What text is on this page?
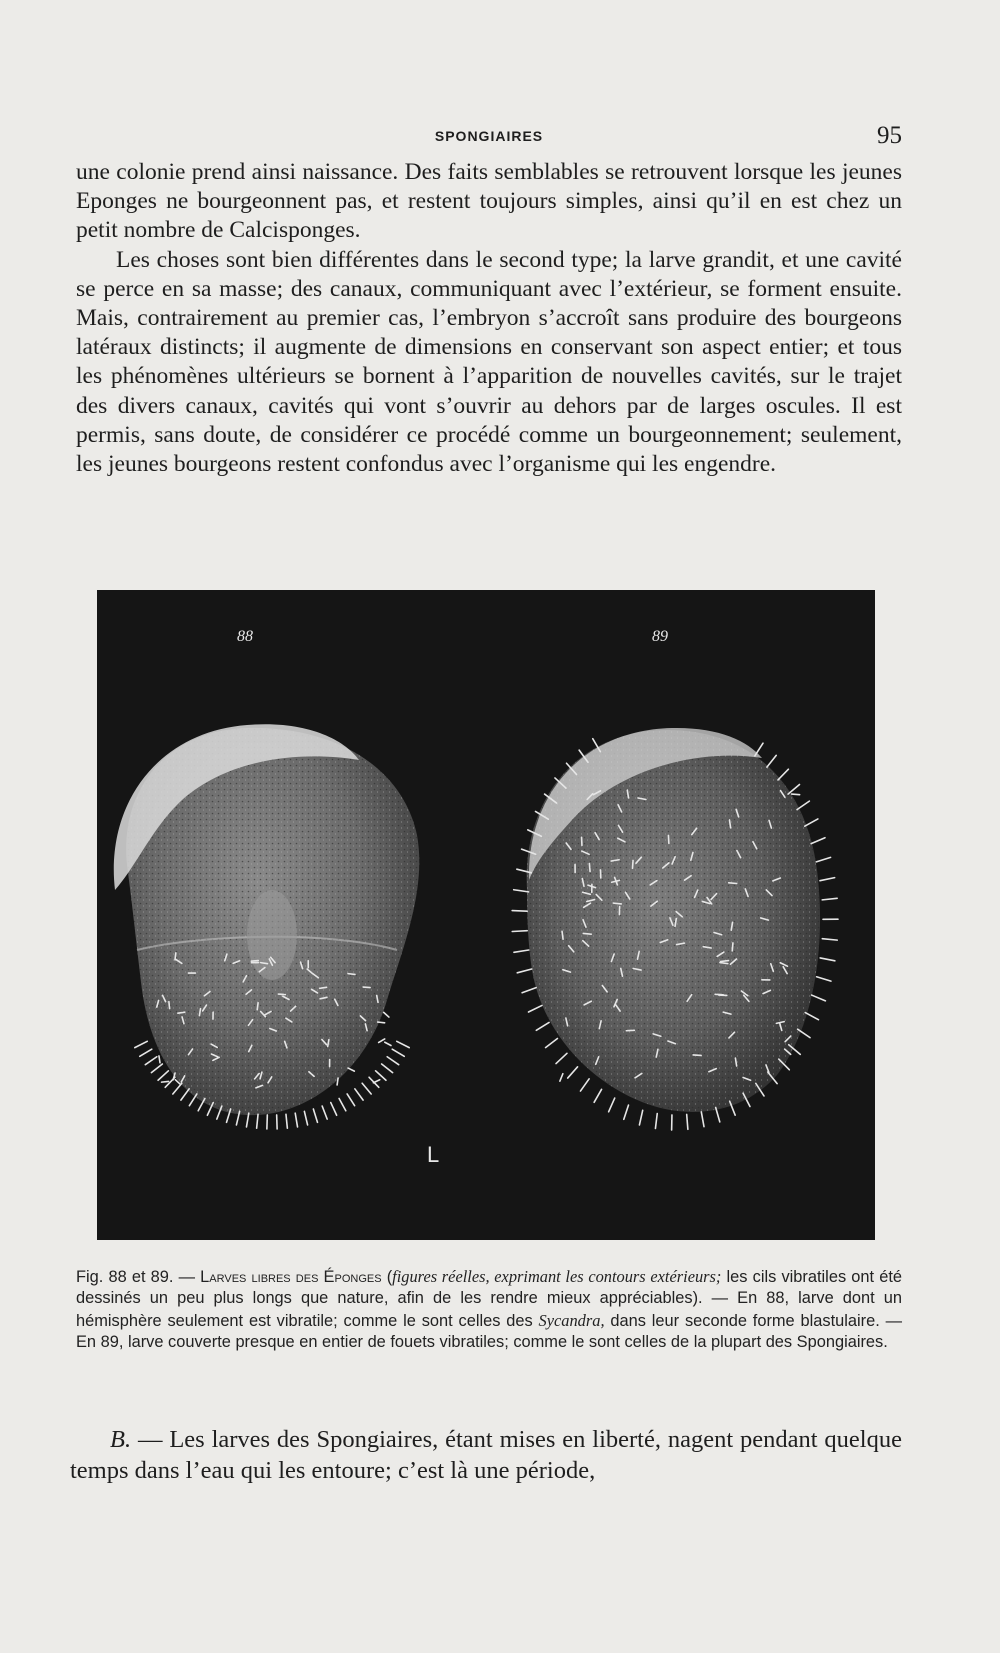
SPONGIAIRES	95

une colonie prend ainsi naissance. Des faits semblables se retrouvent lorsque les jeunes Eponges ne bourgeonnent pas, et restent toujours simples, ainsi qu’il en est chez un petit nombre de Calcisponges.

Les choses sont bien différentes dans le second type; la larve grandit, et une cavité se perce en sa masse; des canaux, communiquant avec l’extérieur, se forment ensuite. Mais, contrairement au premier cas, l’embryon s’accroît sans produire des bourgeons latéraux distincts; il augmente de dimensions en conservant son aspect entier; et tous les phénomènes ultérieurs se bornent à l’apparition de nouvelles cavités, sur le trajet des divers canaux, cavités qui vont s’ouvrir au dehors par de larges oscules. Il est permis, sans doute, de considérer ce procédé comme un bourgeonnement; seulement, les jeunes bourgeons restent confondus avec l’organisme qui les engendre.

88	89
L
Fig. 88 et 89. — Larves libres des Éponges (figures réelles, exprimant les contours extérieurs; les cils vibratiles ont été dessinés un peu plus longs que nature, afin de les rendre mieux appréciables). — En 88, larve dont un hémisphère seulement est vibratile; comme le sont celles des Sycandra, dans leur seconde forme blastulaire. — En 89, larve couverte presque en entier de fouets vibratiles; comme le sont celles de la plupart des Spongiaires.

B. — Les larves des Spongiaires, étant mises en liberté, nagent pendant quelque temps dans l’eau qui les entoure; c’est là une période,
